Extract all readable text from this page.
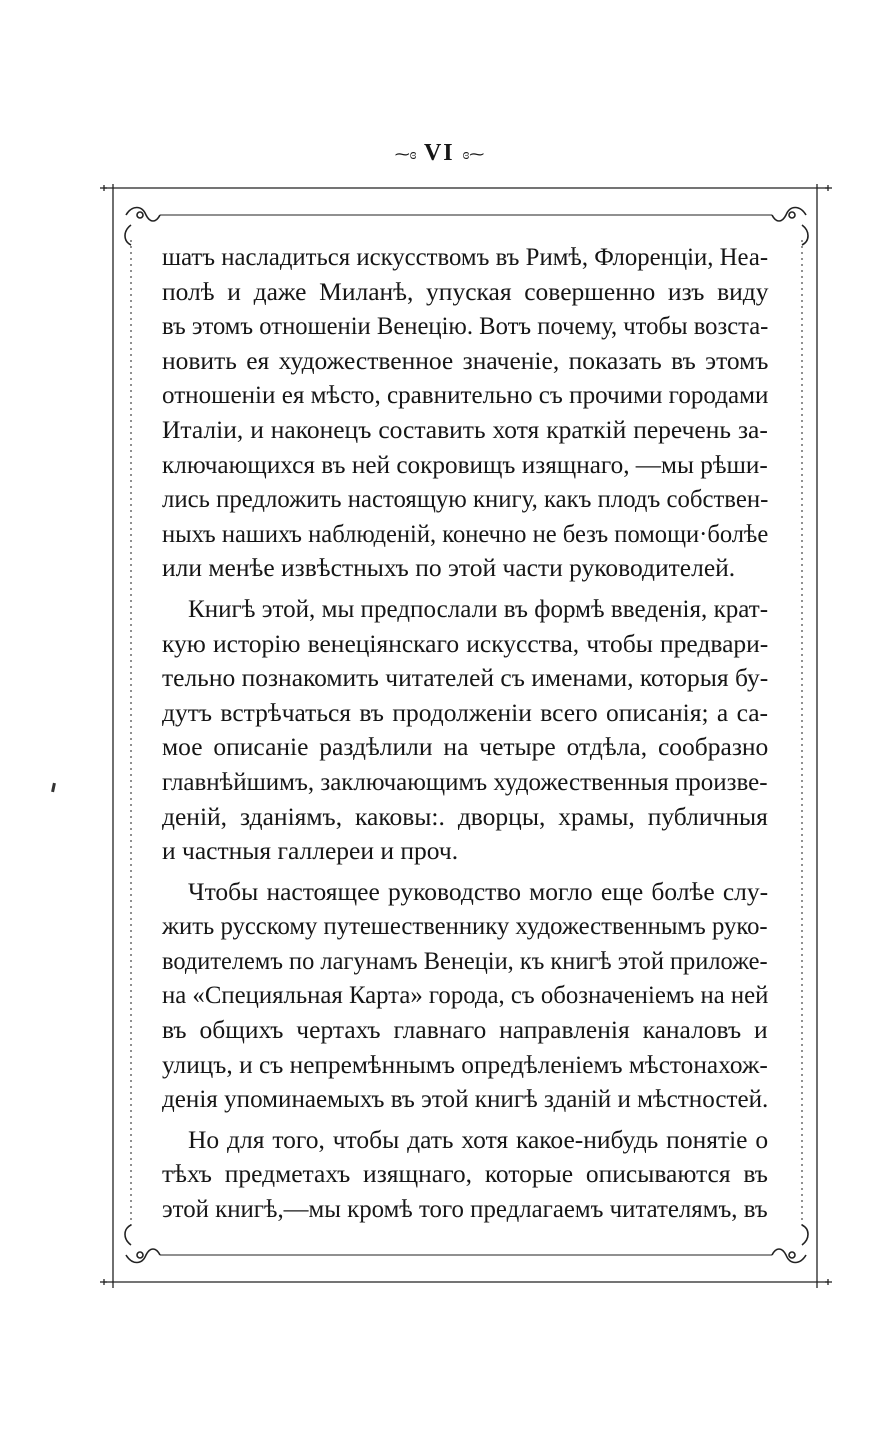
⁓ɞ VI ɞ⁓
шатъ насладиться искусствомъ въ Римѣ, Флоренціи, Неа-
полѣ и даже Миланѣ, упуская совершенно изъ виду
въ этомъ отношеніи Венецію. Вотъ почему, чтобы возста-
новить ея художественное значеніе, показать въ этомъ
отношеніи ея мѣсто, сравнительно съ прочими городами
Италіи, и наконецъ составить хотя краткій перечень за-
ключающихся въ ней сокровищъ изящнаго, —мы рѣши-
лись предложить настоящую книгу, какъ плодъ собствен-
ныхъ нашихъ наблюденій, конечно не безъ помощи·болѣе
или менѣе извѣстныхъ по этой части руководителей.
Книгѣ этой, мы предпослали въ формѣ введенія, крат-
кую исторію венеціянскаго искусства, чтобы предвари-
тельно познакомить читателей съ именами, которыя бу-
дутъ встрѣчаться въ продолженіи всего описанія; а са-
мое описаніе раздѣлили на четыре отдѣла, сообразно
главнѣйшимъ, заключающимъ художественныя произве-
деній, зданіямъ, каковы:. дворцы, храмы, публичныя
и частныя галлереи и проч.
Чтобы настоящее руководство могло еще болѣе слу-
жить русскому путешественнику художественнымъ руко-
водителемъ по лагунамъ Венеціи, къ книгѣ этой приложе-
на «Специяльная Карта» города, съ обозначеніемъ на ней
въ общихъ чертахъ главнаго направленія каналовъ и
улицъ, и съ непремѣннымъ опредѣленіемъ мѣстонахож-
денія упоминаемыхъ въ этой книгѣ зданій и мѣстностей.
Но для того, чтобы дать хотя какое-нибудь понятіе о
тѣхъ предметахъ изящнаго, которые описываются въ
этой книгѣ,—мы кромѣ того предлагаемъ читателямъ, въ
